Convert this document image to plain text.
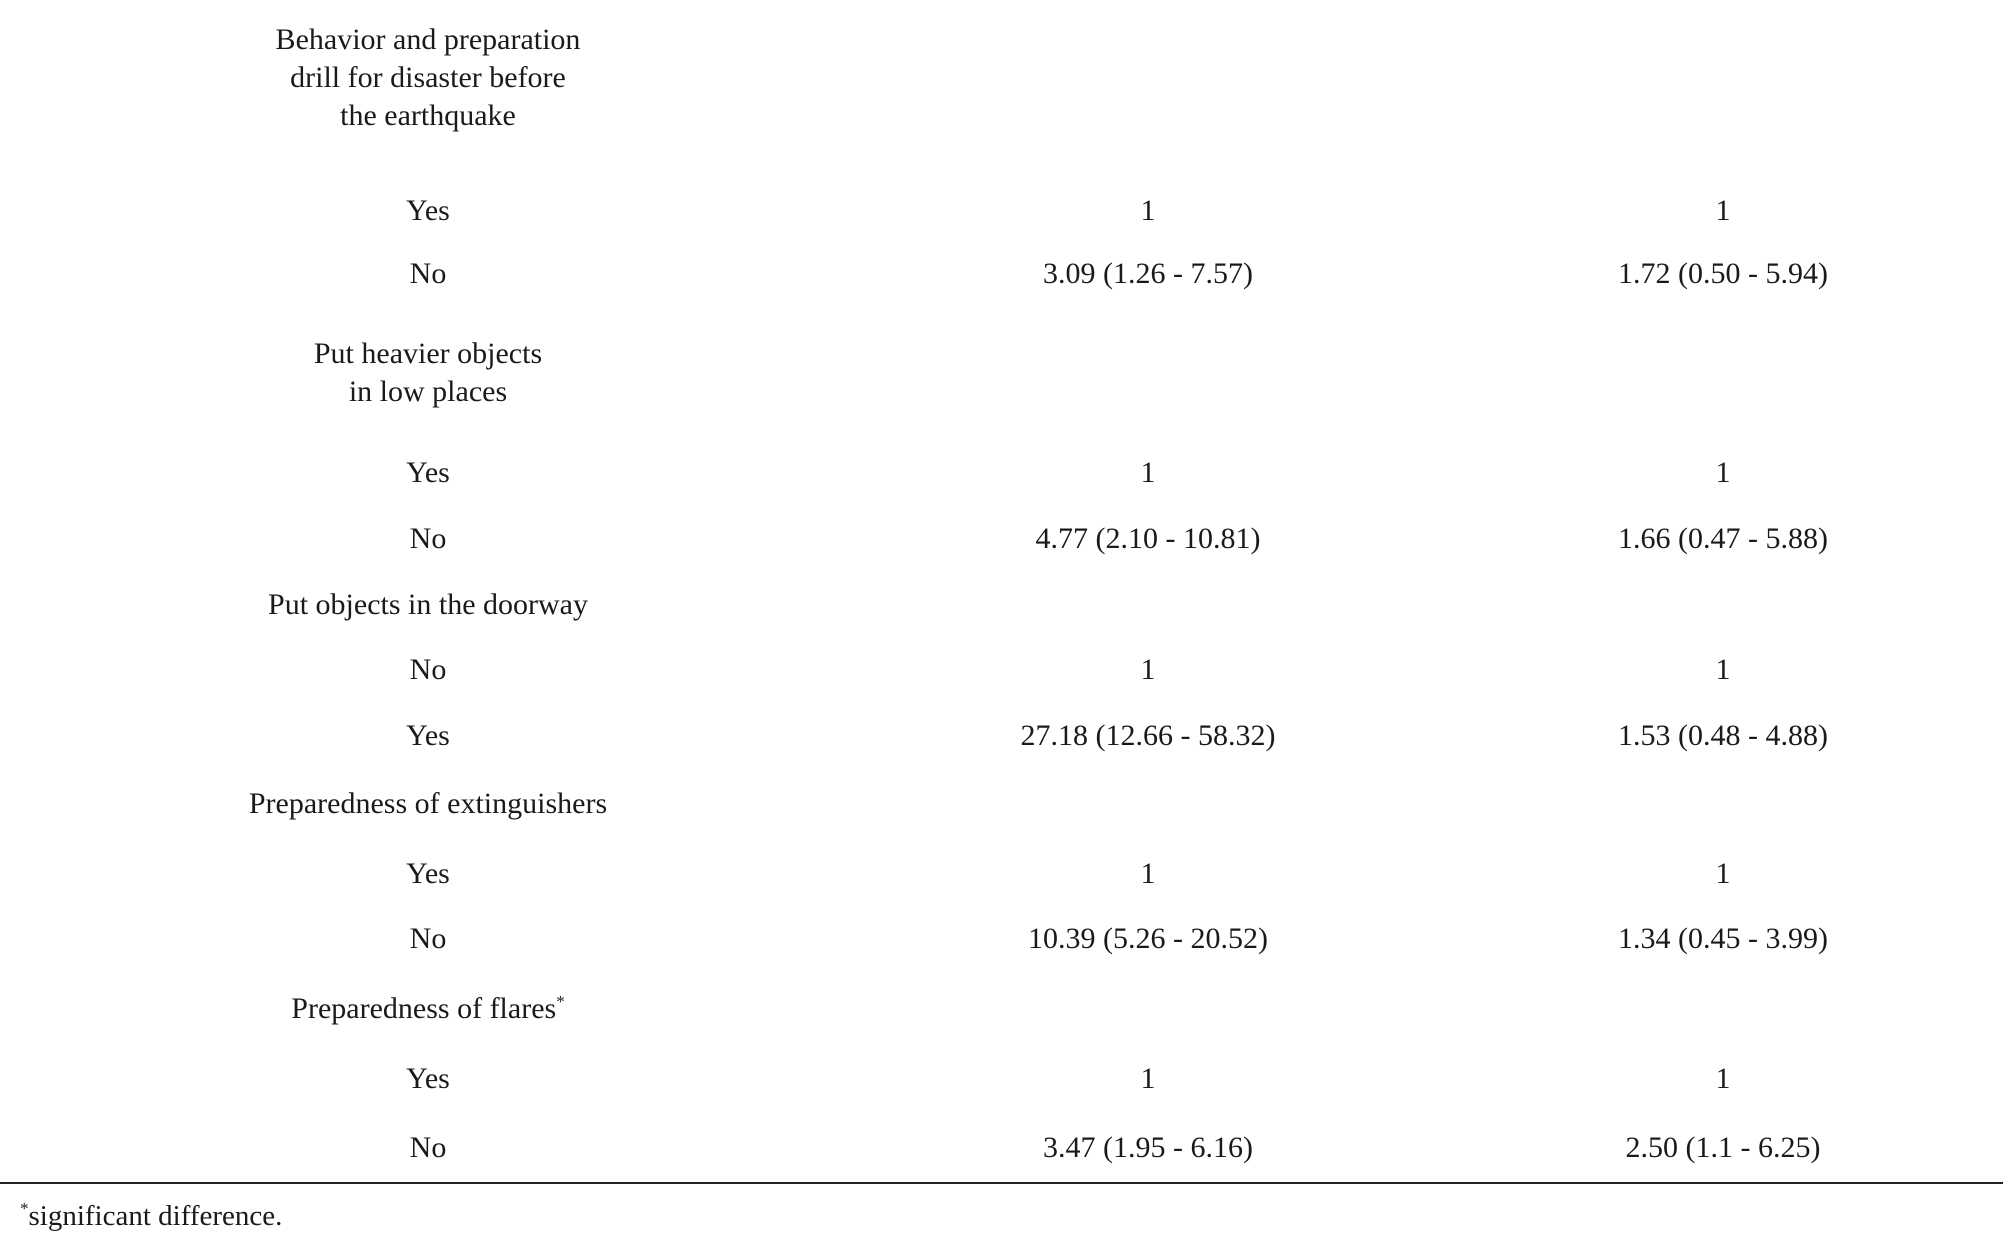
Behavior and preparation
drill for disaster before
the earthquake
Yes	1	1
No	3.09 (1.26 - 7.57)	1.72 (0.50 - 5.94)
Put heavier objects
in low places
Yes	1	1
No	4.77 (2.10 - 10.81)	1.66 (0.47 - 5.88)
Put objects in the doorway
No	1	1
Yes	27.18 (12.66 - 58.32)	1.53 (0.48 - 4.88)
Preparedness of extinguishers
Yes	1	1
No	10.39 (5.26 - 20.52)	1.34 (0.45 - 3.99)
Preparedness of flares*
Yes	1	1
No	3.47 (1.95 - 6.16)	2.50 (1.1 - 6.25)
*significant difference.
